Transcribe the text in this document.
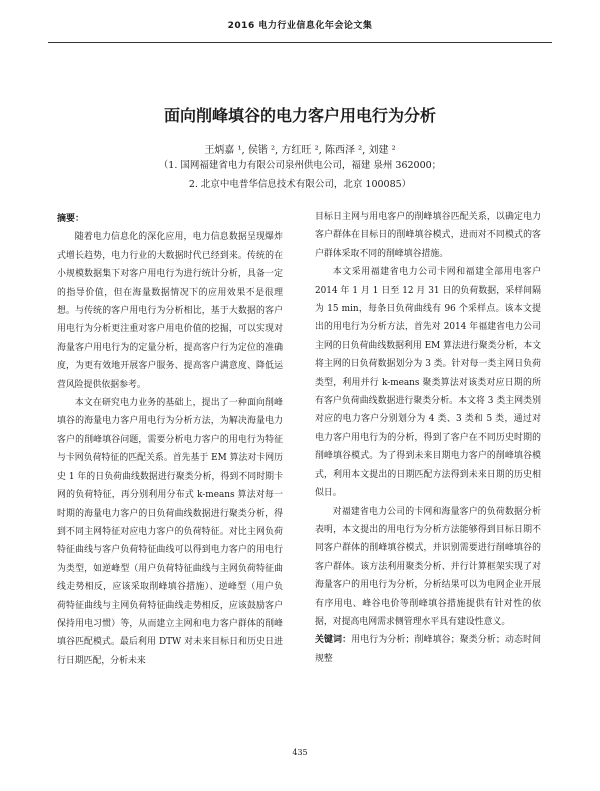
2016 电力行业信息化年会论文集
面向削峰填谷的电力客户用电行为分析
王炳嘉 ¹, 侯锴 ², 方红旺 ², 陈西泽 ², 刘建 ²
（1. 国网福建省电力有限公司泉州供电公司，福建 泉州 362000；
2. 北京中电普华信息技术有限公司，北京 100085）

摘要：

随着电力信息化的深化应用，电力信息数据呈现爆炸式增长趋势，电力行业的大数据时代已经到来。传统的在小规模数据集下对客户用电行为进行统计分析，具备一定的指导价值，但在海量数据情况下的应用效果不是很理想。与传统的客户用电行为分析相比，基于大数据的客户用电行为分析更注重对客户用电价值的挖掘，可以实现对海量客户用电行为的定量分析，提高客户行为定位的准确度，为更有效地开展客户服务、提高客户满意度、降低运营风险提供依据参考。

本文在研究电力业务的基础上，提出了一种面向削峰填谷的海量电力客户用电行为分析方法，为解决海量电力客户的削峰填谷问题，需要分析电力客户的用电行为特征与卡网负荷特征的匹配关系。首先基于 EM 算法对卡网历史 1 年的日负荷曲线数据进行聚类分析，得到不同时期卡网的负荷特征，再分别利用分布式 k-means 算法对每一时期的海量电力客户的日负荷曲线数据进行聚类分析，得到不同主网特征对应电力客户的负荷特征。对比主网负荷特征曲线与客户负荷特征曲线可以得到电力客户的用电行为类型，如逆峰型（用户负荷特征曲线与主网负荷特征曲线走势相反，应该采取削峰填谷措施）、逆峰型（用户负荷特征曲线与主网负荷特征曲线走势相反，应该鼓励客户保持用电习惯）等，从而建立主网和电力客户群体的削峰填谷匹配模式。最后利用 DTW 对未来目标日和历史日进行日期匹配，分析未来

目标日主网与用电客户的削峰填谷匹配关系，以确定电力客户群体在目标日的削峰填谷模式，进而对不同模式的客户群体采取不同的削峰填谷措施。

本文采用福建省电力公司卡网和福建全部用电客户 2014 年 1 月 1 日至 12 月 31 日的负荷数据，采样间隔为 15 min，每条日负荷曲线有 96 个采样点。该本文提出的用电行为分析方法，首先对 2014 年福建省电力公司主网的日负荷曲线数据利用 EM 算法进行聚类分析，本文将主网的日负荷数据划分为 3 类。针对每一类主网日负荷类型，利用并行 k-means 聚类算法对该类对应日期的所有客户负荷曲线数据进行聚类分析。本文将 3 类主网类别对应的电力客户分别划分为 4 类、3 类和 5 类，通过对电力客户用电行为的分析，得到了客户在不同历史时期的削峰填谷模式。为了得到未来目期电力客户的削峰填谷模式，利用本文提出的日期匹配方法得到未来日期的历史相似日。

对福建省电力公司的卡网和海量客户的负荷数据分析表明，本文提出的用电行为分析方法能够得到目标日期不同客户群体的削峰填谷模式，并识别需要进行削峰填谷的客户群体。该方法利用聚类分析、并行计算框架实现了对海量客户的用电行为分析，分析结果可以为电网企业开展有序用电、峰谷电价等削峰填谷措施提供有针对性的依据，对提高电网需求侧管理水平具有建设性意义。

关键词：用电行为分析；削峰填谷；聚类分析；动态时间规整

435
